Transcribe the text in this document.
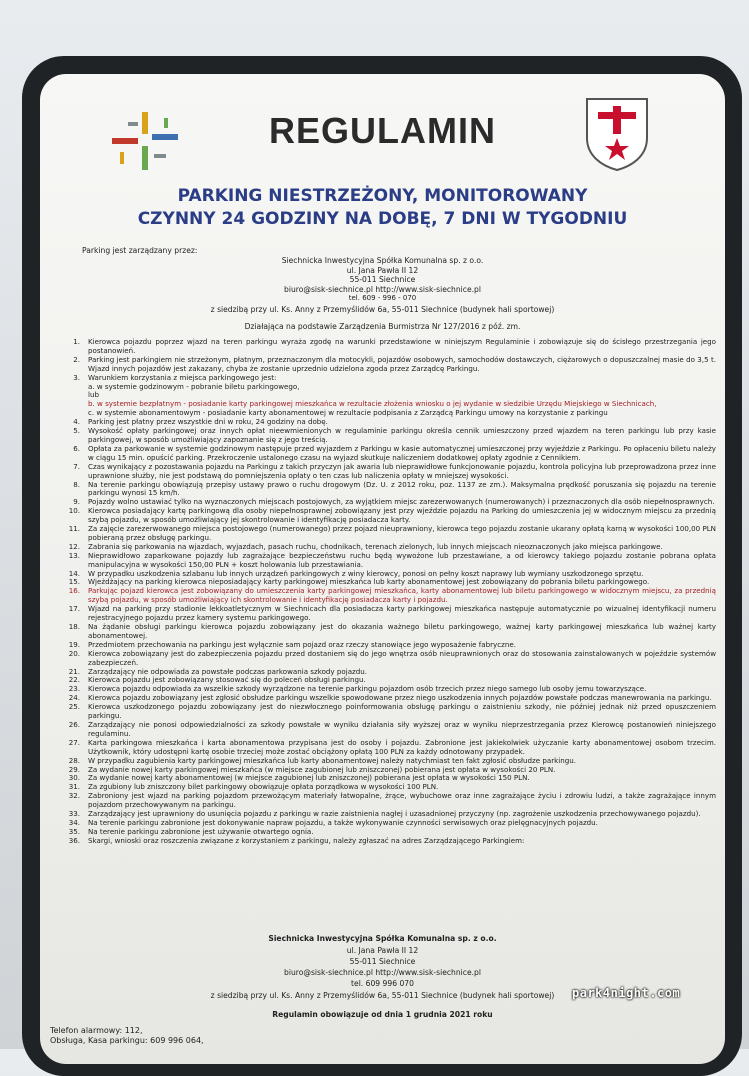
REGULAMIN
PARKING NIESTRZEŻONY, MONITOROWANY
CZYNNY 24 GODZINY NA DOBĘ, 7 DNI W TYGODNIU
Parking jest zarządzany przez:
Siechnicka Inwestycyjna Spółka Komunalna sp. z o.o.
ul. Jana Pawła II 12
55-011 Siechnice
biuro@sisk-siechnice.pl http://www.sisk-siechnice.pl
tel. 609 - 996 - 070
z siedzibą przy ul. Ks. Anny z Przemyślidów 6a, 55-011 Siechnice (budynek hali sportowej)
Działająca na podstawie Zarządzenia Burmistrza Nr 127/2016 z póź. zm.
1.	Kierowca pojazdu poprzez wjazd na teren parkingu wyraża zgodę na warunki przedstawione w niniejszym Regulaminie i zobowiązuje się do ścisłego przestrzegania jego postanowień.
2.	Parking jest parkingiem nie strzeżonym, płatnym, przeznaczonym dla motocykli, pojazdów osobowych, samochodów dostawczych, ciężarowych o dopuszczalnej masie do 3,5 t. Wjazd innych pojazdów jest zakazany, chyba że zostanie uprzednio udzielona zgoda przez Zarządcę Parkingu.
3.	Warunkiem korzystania z miejsca parkingowego jest:
a. w systemie godzinowym - pobranie biletu parkingowego,
lub
b. w systemie bezpłatnym - posiadanie karty parkingowej mieszkańca w rezultacie złożenia wniosku o jej wydanie w siedzibie Urzędu Miejskiego w Siechnicach,
c. w systemie abonamentowym - posiadanie karty abonamentowej w rezultacie podpisania z Zarządcą Parkingu umowy na korzystanie z parkingu
4.	Parking jest płatny przez wszystkie dni w roku, 24 godziny na dobę.
5.	Wysokość opłaty parkingowej oraz innych opłat nieewmienionych w regulaminie parkingu określa cennik umieszczony przed wjazdem na teren parkingu lub przy kasie parkingowej, w sposób umożliwiający zapoznanie się z jego treścią.
6.	Opłata za parkowanie w systemie godzinowym następuje przed wyjazdem z Parkingu w kasie automatycznej umieszczonej przy wyjeździe z Parkingu. Po opłaceniu biletu należy w ciągu 15 min. opuścić parking. Przekroczenie ustalonego czasu na wyjazd skutkuje naliczeniem dodatkowej opłaty zgodnie z Cennikiem.
7.	Czas wynikający z pozostawania pojazdu na Parkingu z takich przyczyn jak awaria lub nieprawidłowe funkcjonowanie pojazdu, kontrola policyjna lub przeprowadzona przez inne uprawnione służby, nie jest podstawą do pomniejszenia opłaty o ten czas lub naliczenia opłaty w mniejszej wysokości.
8.	Na terenie parkingu obowiązują przepisy ustawy prawo o ruchu drogowym (Dz. U. z 2012 roku, poz. 1137 ze zm.). Maksymalna prędkość poruszania się pojazdu na terenie parkingu wynosi 15 km/h.
9.	Pojazdy wolno ustawiać tylko na wyznaczonych miejscach postojowych, za wyjątkiem miejsc zarezerwowanych (numerowanych) i przeznaczonych dla osób niepełnosprawnych.
10.	Kierowca posiadający kartę parkingową dla osoby niepełnosprawnej zobowiązany jest przy wjeździe pojazdu na Parking do umieszczenia jej w widocznym miejscu za przednią szybą pojazdu, w sposób umożliwiający jej skontrolowanie i identyfikację posiadacza karty.
11.	Za zajęcie zarezerwowanego miejsca postojowego (numerowanego) przez pojazd nieuprawniony, kierowca tego pojazdu zostanie ukarany opłatą karną w wysokości 100,00 PLN pobieraną przez obsługę parkingu.
12.	Zabrania się parkowania na wjazdach, wyjazdach, pasach ruchu, chodnikach, terenach zielonych, lub innych miejscach nieoznaczonych jako miejsca parkingowe.
13.	Nieprawidłowo zaparkowane pojazdy lub zagrażające bezpieczeństwu ruchu będą wywożone lub przestawiane, a od kierowcy takiego pojazdu zostanie pobrana opłata manipulacyjna w wysokości 150,00 PLN + koszt holowania lub przestawiania.
14.	W przypadku uszkodzenia szlabanu lub innych urządzeń parkingowych z winy kierowcy, ponosi on pełny koszt naprawy lub wymiany uszkodzonego sprzętu.
15.	Wjeżdżający na parking kierowca nieposiadający karty parkingowej mieszkańca lub karty abonamentowej jest zobowiązany do pobrania biletu parkingowego.
16.	Parkując pojazd kierowca jest zobowiązany do umieszczenia karty parkingowej mieszkańca, karty abonamentowej lub biletu parkingowego w widocznym miejscu, za przednią szybą pojazdu, w sposób umożliwiający ich skontrolowanie i identyfikację posiadacza karty i pojazdu.
17.	Wjazd na parking przy stadionie lekkoatletycznym w Siechnicach dla posiadacza karty parkingowej mieszkańca następuje automatycznie po wizualnej identyfikacji numeru rejestracyjnego pojazdu przez kamery systemu parkingowego.
18.	Na żądanie obsługi parkingu kierowca pojazdu zobowiązany jest do okazania ważnego biletu parkingowego, ważnej karty parkingowej mieszkańca lub ważnej karty abonamentowej.
19.	Przedmiotem przechowania na parkingu jest wyłącznie sam pojazd oraz rzeczy stanowiące jego wyposażenie fabryczne.
20.	Kierowca zobowiązany jest do zabezpieczenia pojazdu przed dostaniem się do jego wnętrza osób nieuprawnionych oraz do stosowania zainstalowanych w pojeździe systemów zabezpieczeń.
21.	Zarządzający nie odpowiada za powstałe podczas parkowania szkody pojazdu.
22.	Kierowca pojazdu jest zobowiązany stosować się do poleceń obsługi parkingu.
23.	Kierowca pojazdu odpowiada za wszelkie szkody wyrządzone na terenie parkingu pojazdom osób trzecich przez niego samego lub osoby jemu towarzyszące.
24.	Kierowca pojazdu zobowiązany jest zgłosić obsłudze parkingu wszelkie spowodowane przez niego uszkodzenia innych pojazdów powstałe podczas manewrowania na parkingu.
25.	Kierowca uszkodzonego pojazdu zobowiązany jest do niezwłocznego poinformowania obsługę parkingu o zaistnieniu szkody, nie później jednak niż przed opuszczeniem parkingu.
26.	Zarządzający nie ponosi odpowiedzialności za szkody powstałe w wyniku działania siły wyższej oraz w wyniku nieprzestrzegania przez Kierowcę postanowień niniejszego regulaminu.
27.	Karta parkingowa mieszkańca i karta abonamentowa przypisana jest do osoby i pojazdu. Zabronione jest jakiekolwiek użyczanie karty abonamentowej osobom trzecim. Użytkownik, który udostępni kartę osobie trzeciej może zostać obciążony opłatą 100 PLN za każdy odnotowany przypadek.
28.	W przypadku zagubienia karty parkingowej mieszkańca lub karty abonamentowej należy natychmiast ten fakt zgłosić obsłudze parkingu.
29.	Za wydanie nowej karty parkingowej mieszkańca (w miejsce zagubionej lub zniszczonej) pobierana jest opłata w wysokości 20 PLN.
30.	Za wydanie nowej karty abonamentowej (w miejsce zagubionej lub zniszczonej) pobierana jest opłata w wysokości 150 PLN.
31.	Za zgubiony lub zniszczony bilet parkingowy obowiązuje opłata porządkowa w wysokości 100 PLN.
32.	Zabroniony jest wjazd na parking pojazdom przewożącym materiały łatwopalne, żrące, wybuchowe oraz inne zagrażające życiu i zdrowiu ludzi, a także zagrażające innym pojazdom przechowywanym na parkingu.
33.	Zarządzający jest uprawniony do usunięcia pojazdu z parkingu w razie zaistnienia nagłej i uzasadnionej przyczyny (np. zagrożenie uszkodzenia przechowywanego pojazdu).
34.	Na terenie parkingu zabronione jest dokonywanie napraw pojazdu, a także wykonywanie czynności serwisowych oraz pielęgnacyjnych pojazdu.
35.	Na terenie parkingu zabronione jest używanie otwartego ognia.
36.	Skargi, wnioski oraz roszczenia związane z korzystaniem z parkingu, należy zgłaszać na adres Zarządzającego Parkingiem:
Siechnicka Inwestycyjna Spółka Komunalna sp. z o.o.
ul. Jana Pawła II 12
55-011 Siechnice
biuro@sisk-siechnice.pl http://www.sisk-siechnice.pl
tel. 609 996 070
z siedzibą przy ul. Ks. Anny z Przemyślidów 6a, 55-011 Siechnice (budynek hali sportowej)
Regulamin obowiązuje od dnia 1 grudnia 2021 roku
Telefon alarmowy: 112,
Obsługa, Kasa parkingu: 609 996 064,
park4night.com
